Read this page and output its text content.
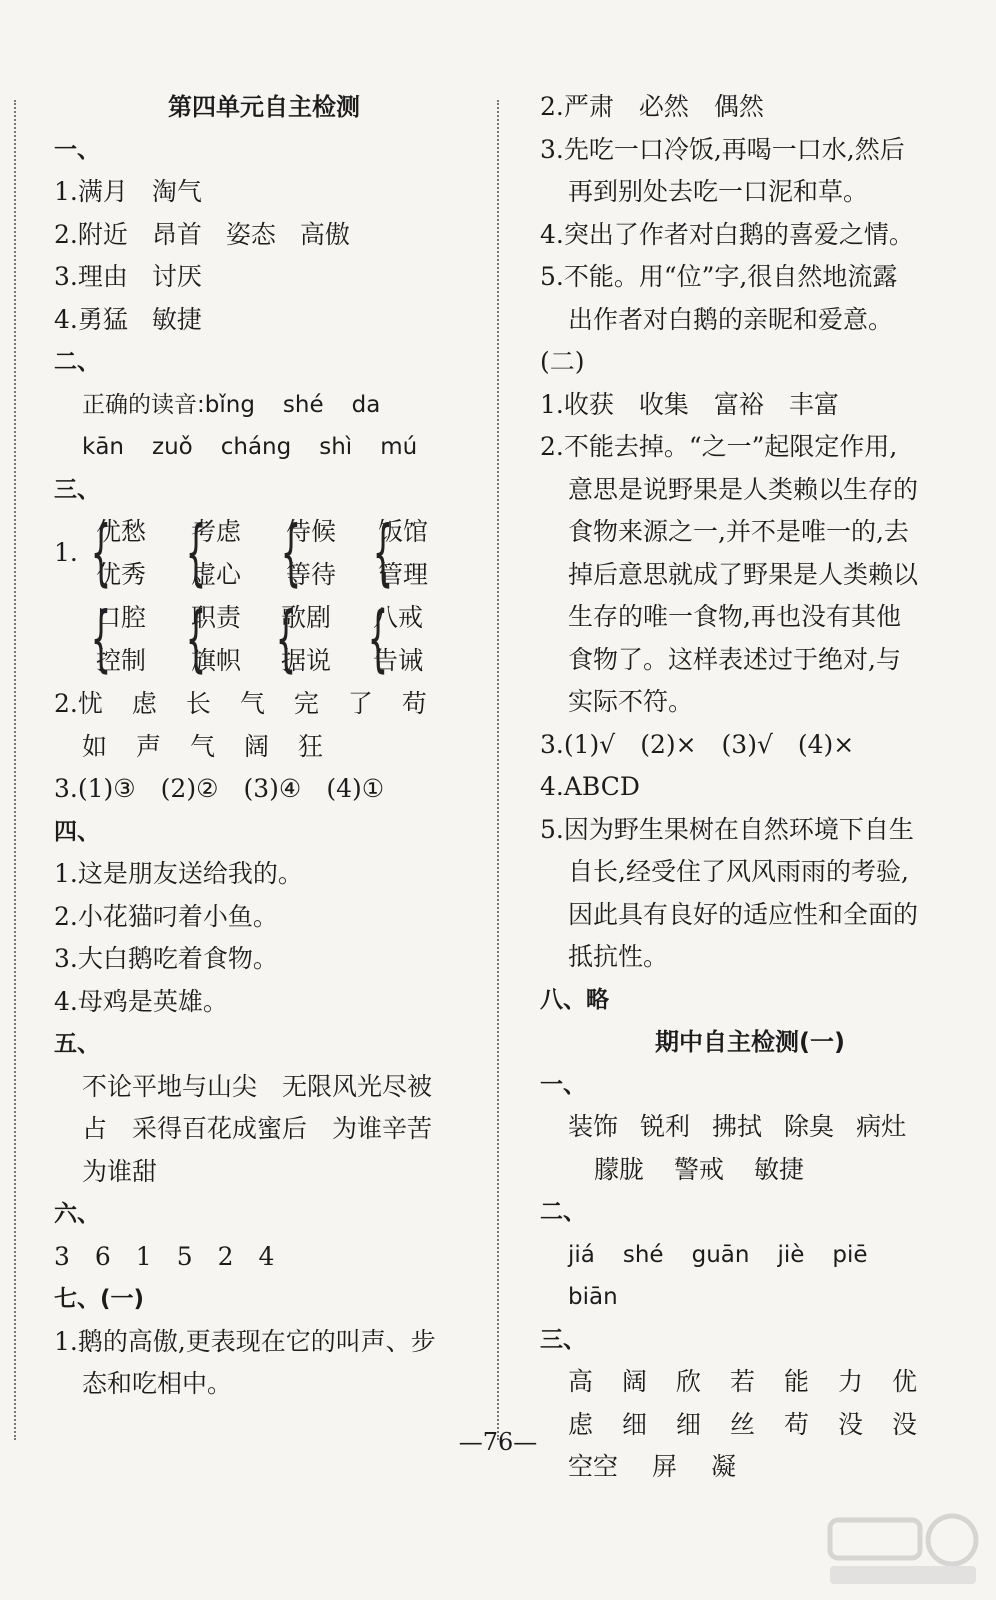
第四单元自主检测
一、
1.满月 淘气
2.附近 昂首 姿态 高傲
3.理由 讨厌
4.勇猛 敏捷
二、
正确的读音:bǐng shé da
kān zuǒ cháng shì mú
三、
1.
{ 优愁
优秀
{ 考虑
虚心
{ 侍候
等待
{ 饭馆
管理
{ 口腔
控制
{ 职责
旗帜
{ 歌剧
据说
{ 八戒
告诫
2.忧 虑 长 气 完 了 苟
如 声 气 阔 狂
3.(1)③　(2)②　(3)④　(4)①
四、
1.这是朋友送给我的。
2.小花猫叼着小鱼。
3.大白鹅吃着食物。
4.母鸡是英雄。
五、
不论平地与山尖　无限风光尽被
占　采得百花成蜜后　为谁辛苦
为谁甜
六、
3　6　1　5　2　4
七、(一)
1.鹅的高傲,更表现在它的叫声、步
态和吃相中。
2.严肃　必然　偶然
3.先吃一口冷饭,再喝一口水,然后
再到别处去吃一口泥和草。
4.突出了作者对白鹅的喜爱之情。
5.不能。用“位”字,很自然地流露
出作者对白鹅的亲昵和爱意。
(二)
1.收获　收集　富裕　丰富
2.不能去掉。“之一”起限定作用,
意思是说野果是人类赖以生存的
食物来源之一,并不是唯一的,去
掉后意思就成了野果是人类赖以
生存的唯一食物,再也没有其他
食物了。这样表述过于绝对,与
实际不符。
3.(1)√　(2)×　(3)√　(4)×
4.ABCD
5.因为野生果树在自然环境下自生
自长,经受住了风风雨雨的考验,
因此具有良好的适应性和全面的
抵抗性。
八、略
期中自主检测(一)
一、
装饰 锐利 拂拭 除臭 病灶
朦胧 警戒 敏捷
二、
jiá shé guān jiè piē
biān
三、
高 阔 欣 若 能 力 优
虑 细 细 丝 苟 没 没
空空 屏 凝
—76—
